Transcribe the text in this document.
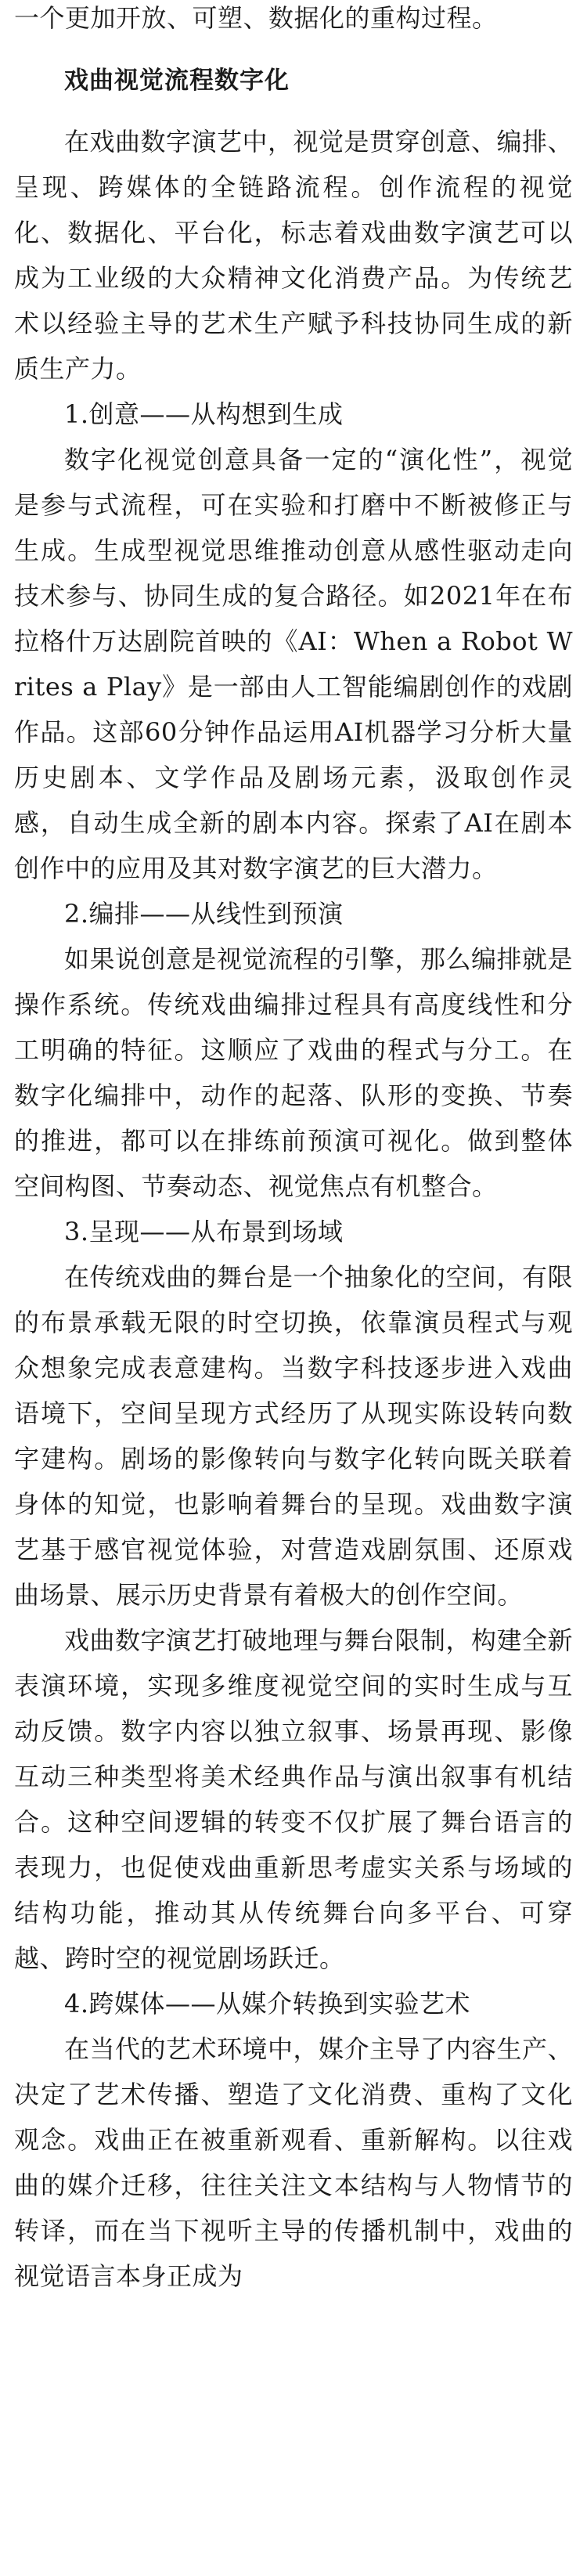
一个更加开放、可塑、数据化的重构过程。

戏曲视觉流程数字化

在戏曲数字演艺中，视觉是贯穿创意、编排、呈现、跨媒体的全链路流程。创作流程的视觉化、数据化、平台化，标志着戏曲数字演艺可以成为工业级的大众精神文化消费产品。为传统艺术以经验主导的艺术生产赋予科技协同生成的新质生产力。

1.创意——从构想到生成

数字化视觉创意具备一定的“演化性”，视觉是参与式流程，可在实验和打磨中不断被修正与生成。生成型视觉思维推动创意从感性驱动走向技术参与、协同生成的复合路径。如2021年在布拉格什万达剧院首映的《AI：When a Robot Writes a Play》是一部由人工智能编剧创作的戏剧作品。这部60分钟作品运用AI机器学习分析大量历史剧本、文学作品及剧场元素，汲取创作灵感，自动生成全新的剧本内容。探索了AI在剧本创作中的应用及其对数字演艺的巨大潜力。

2.编排——从线性到预演

如果说创意是视觉流程的引擎，那么编排就是操作系统。传统戏曲编排过程具有高度线性和分工明确的特征。这顺应了戏曲的程式与分工。在数字化编排中，动作的起落、队形的变换、节奏的推进，都可以在排练前预演可视化。做到整体空间构图、节奏动态、视觉焦点有机整合。

3.呈现——从布景到场域

在传统戏曲的舞台是一个抽象化的空间，有限的布景承载无限的时空切换，依靠演员程式与观众想象完成表意建构。当数字科技逐步进入戏曲语境下，空间呈现方式经历了从现实陈设转向数字建构。剧场的影像转向与数字化转向既关联着身体的知觉，也影响着舞台的呈现。戏曲数字演艺基于感官视觉体验，对营造戏剧氛围、还原戏曲场景、展示历史背景有着极大的创作空间。

戏曲数字演艺打破地理与舞台限制，构建全新表演环境，实现多维度视觉空间的实时生成与互动反馈。数字内容以独立叙事、场景再现、影像互动三种类型将美术经典作品与演出叙事有机结合。这种空间逻辑的转变不仅扩展了舞台语言的表现力，也促使戏曲重新思考虚实关系与场域的结构功能，推动其从传统舞台向多平台、可穿越、跨时空的视觉剧场跃迁。

4.跨媒体——从媒介转换到实验艺术

在当代的艺术环境中，媒介主导了内容生产、决定了艺术传播、塑造了文化消费、重构了文化观念。戏曲正在被重新观看、重新解构。以往戏曲的媒介迁移，往往关注文本结构与人物情节的转译，而在当下视听主导的传播机制中，戏曲的视觉语言本身正成为
